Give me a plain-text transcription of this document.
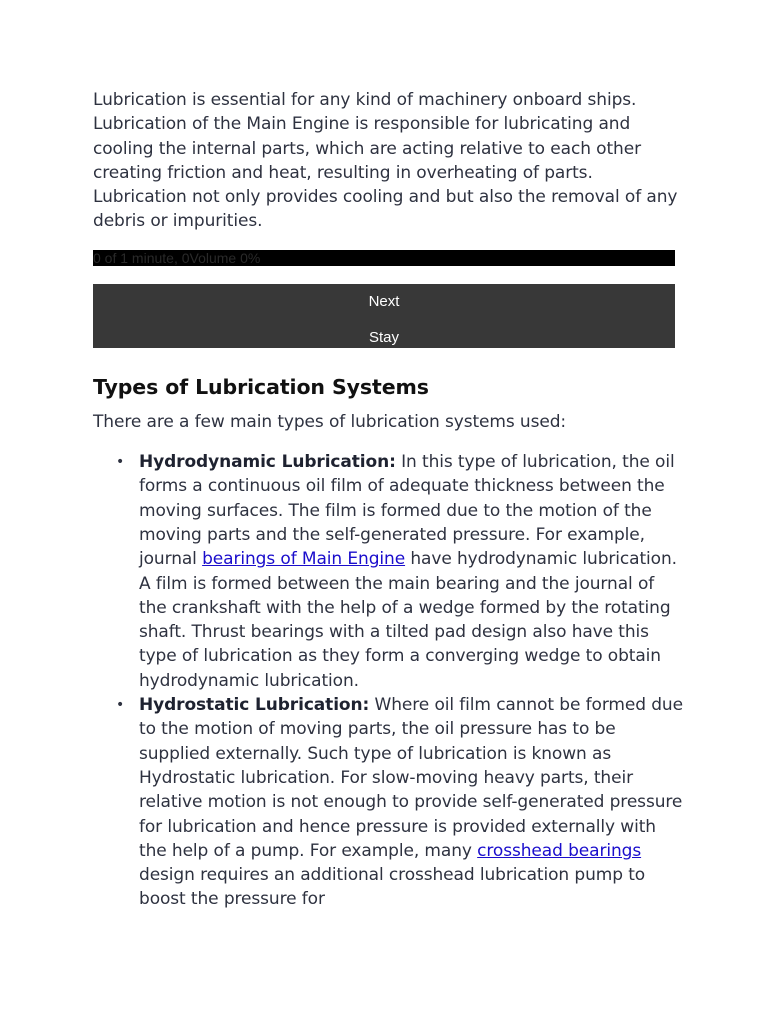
Lubrication is essential for any kind of machinery onboard ships. Lubrication of the Main Engine is responsible for lubricating and cooling the internal parts, which are acting relative to each other creating friction and heat, resulting in overheating of parts. Lubrication not only provides cooling and but also the removal of any debris or impurities.

0 of 1 minute, 0Volume 0%
Next
Stay
Types of Lubrication Systems

There are a few main types of lubrication systems used:

• Hydrodynamic Lubrication: In this type of lubrication, the oil forms a continuous oil film of adequate thickness between the moving surfaces. The film is formed due to the motion of the moving parts and the self-generated pressure. For example, journal bearings of Main Engine have hydrodynamic lubrication. A film is formed between the main bearing and the journal of the crankshaft with the help of a wedge formed by the rotating shaft. Thrust bearings with a tilted pad design also have this type of lubrication as they form a converging wedge to obtain hydrodynamic lubrication.
• Hydrostatic Lubrication: Where oil film cannot be formed due to the motion of moving parts, the oil pressure has to be supplied externally. Such type of lubrication is known as Hydrostatic lubrication. For slow-moving heavy parts, their relative motion is not enough to provide self-generated pressure for lubrication and hence pressure is provided externally with the help of a pump. For example, many crosshead bearings design requires an additional crosshead lubrication pump to boost the pressure for
